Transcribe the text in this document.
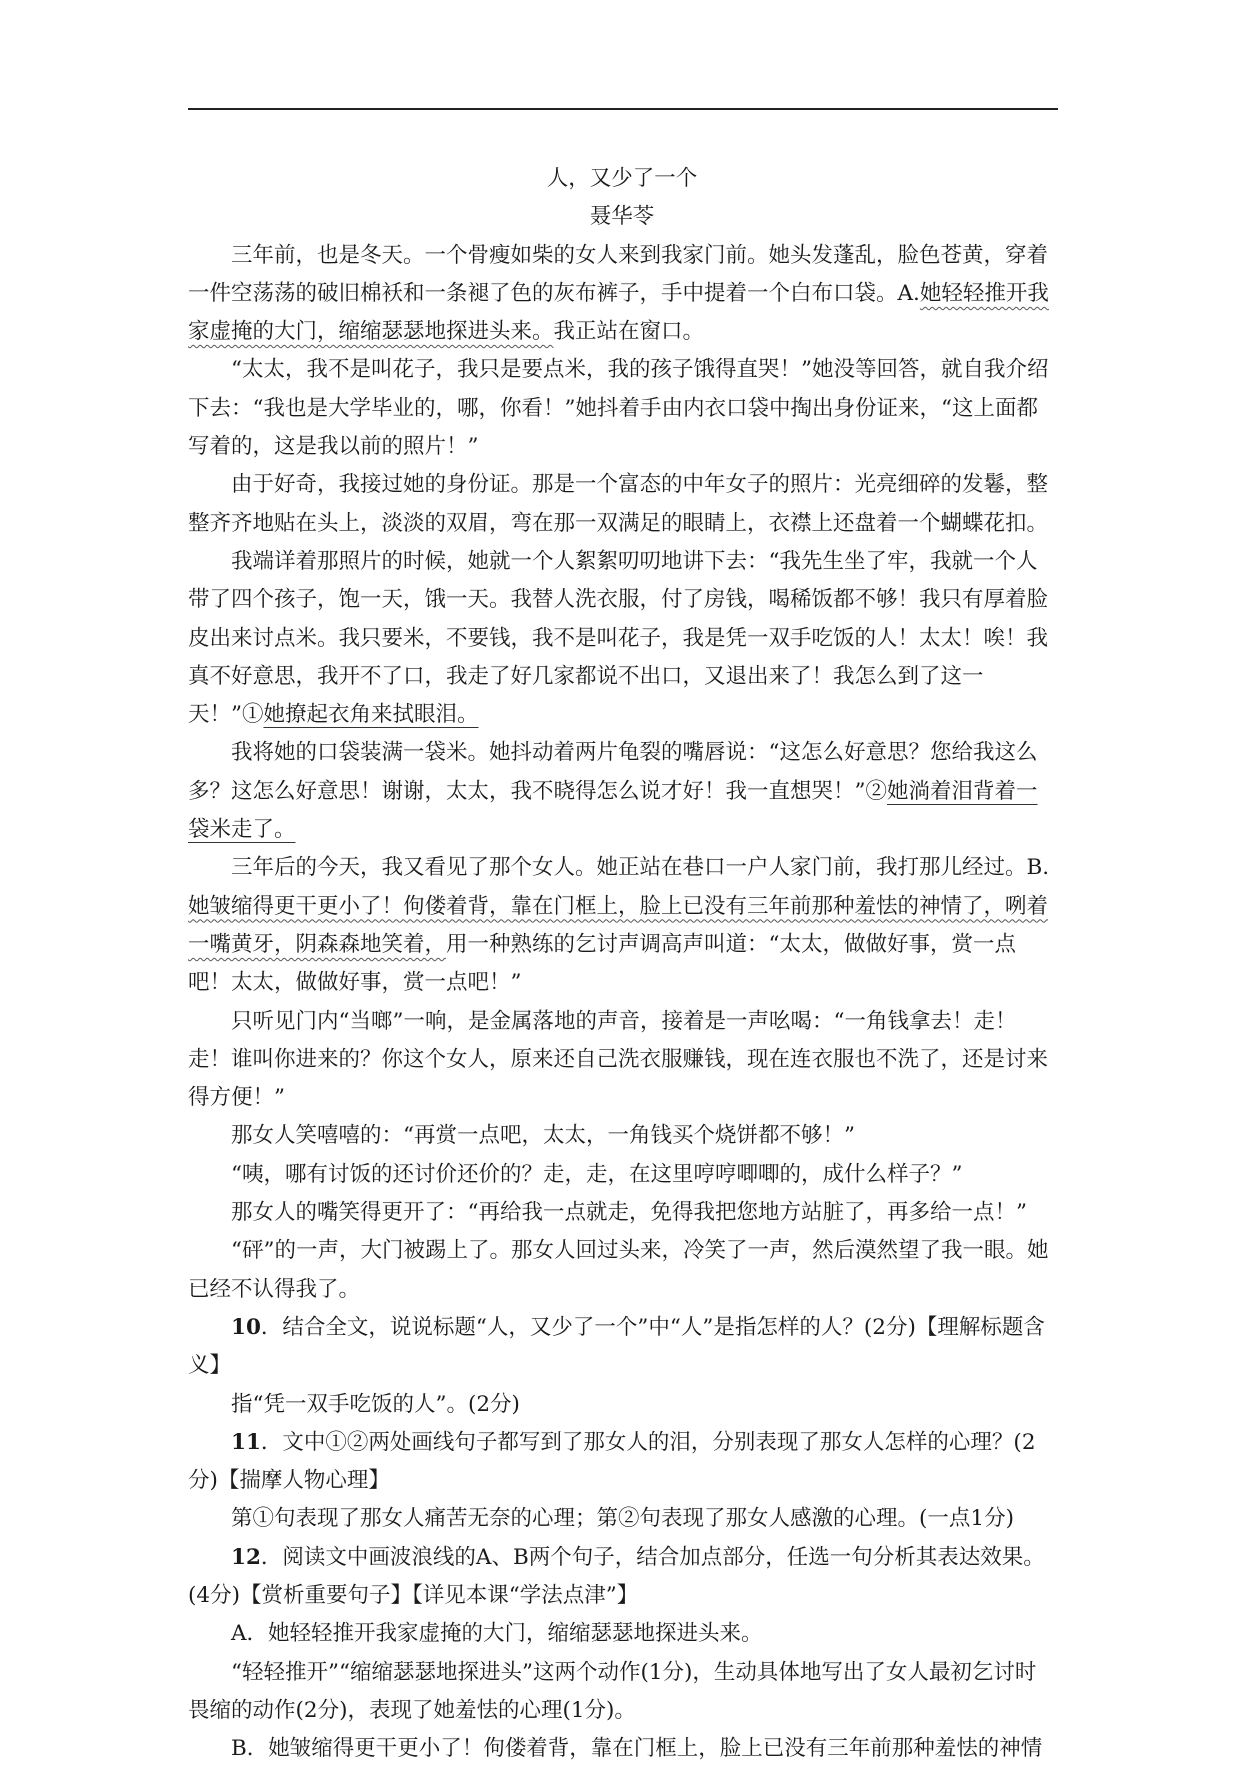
人，又少了一个
聂华苓

三年前，也是冬天。一个骨瘦如柴的女人来到我家门前。她头发蓬乱，脸色苍黄，穿着一件空荡荡的破旧棉袄和一条褪了色的灰布裤子，手中提着一个白布口袋。A.她轻轻推开我家虚掩的大门，缩缩瑟瑟地探进头来。我正站在窗口。

“太太，我不是叫花子，我只是要点米，我的孩子饿得直哭！”她没等回答，就自我介绍下去：“我也是大学毕业的，哪，你看！”她抖着手由内衣口袋中掏出身份证来，“这上面都写着的，这是我以前的照片！”

由于好奇，我接过她的身份证。那是一个富态的中年女子的照片：光亮细碎的发鬈，整整齐齐地贴在头上，淡淡的双眉，弯在那一双满足的眼睛上，衣襟上还盘着一个蝴蝶花扣。

我端详着那照片的时候，她就一个人絮絮叨叨地讲下去：“我先生坐了牢，我就一个人带了四个孩子，饱一天，饿一天。我替人洗衣服，付了房钱，喝稀饭都不够！我只有厚着脸皮出来讨点米。我只要米，不要钱，我不是叫花子，我是凭一双手吃饭的人！太太！唉！我真不好意思，我开不了口，我走了好几家都说不出口，又退出来了！我怎么到了这一天！”①她撩起衣角来拭眼泪。

我将她的口袋装满一袋米。她抖动着两片龟裂的嘴唇说：“这怎么好意思？您给我这么多？这怎么好意思！谢谢，太太，我不晓得怎么说才好！我一直想哭！”②她淌着泪背着一袋米走了。

三年后的今天，我又看见了那个女人。她正站在巷口一户人家门前，我打那儿经过。B.她皱缩得更干更小了！佝偻着背，靠在门框上，脸上已没有三年前那种羞怯的神情了，咧着一嘴黄牙，阴森森地笑着，用一种熟练的乞讨声调高声叫道：“太太，做做好事，赏一点吧！太太，做做好事，赏一点吧！”

只听见门内“当啷”一响，是金属落地的声音，接着是一声吆喝：“一角钱拿去！走！走！谁叫你进来的？你这个女人，原来还自己洗衣服赚钱，现在连衣服也不洗了，还是讨来得方便！”

那女人笑嘻嘻的：“再赏一点吧，太太，一角钱买个烧饼都不够！”

“咦，哪有讨饭的还讨价还价的？走，走，在这里哼哼唧唧的，成什么样子？”

那女人的嘴笑得更开了：“再给我一点就走，免得我把您地方站脏了，再多给一点！”

“砰”的一声，大门被踢上了。那女人回过头来，冷笑了一声，然后漠然望了我一眼。她已经不认得我了。

10．结合全文，说说标题“人，又少了一个”中“人”是指怎样的人？(2分)【理解标题含义】

指“凭一双手吃饭的人”。(2分)

11．文中①②两处画线句子都写到了那女人的泪，分别表现了那女人怎样的心理？(2分)【揣摩人物心理】

第①句表现了那女人痛苦无奈的心理；第②句表现了那女人感激的心理。(一点1分)

12．阅读文中画波浪线的A、B两个句子，结合加点部分，任选一句分析其表达效果。(4分)【赏析重要句子】【详见本课“学法点津”】

A．她轻轻推开我家虚掩的大门，缩缩瑟瑟地探进头来。

“轻轻推开”“缩缩瑟瑟地探进头”这两个动作(1分)，生动具体地写出了女人最初乞讨时畏缩的动作(2分)，表现了她羞怯的心理(1分)。

B．她皱缩得更干更小了！佝偻着背，靠在门框上，脸上已没有三年前那种羞怯的神情
